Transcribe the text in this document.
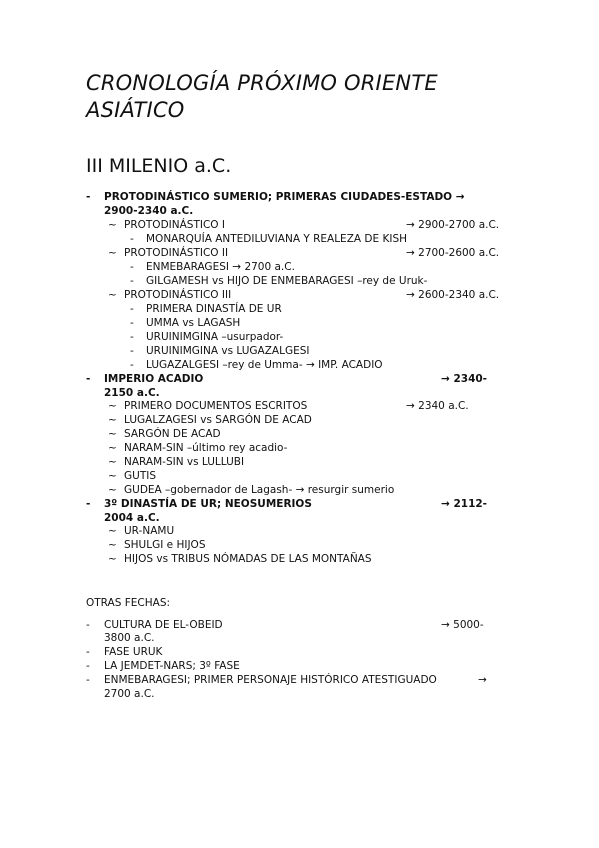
CRONOLOGÍA PRÓXIMO ORIENTE ASIÁTICO
III MILENIO a.C.
- PROTODINÁSTICO SUMERIO; PRIMERAS CIUDADES-ESTADO →
2900-2340 a.C.
~ PROTODINÁSTICO I	→ 2900-2700 a.C.
- MONARQUÍA ANTEDILUVIANA Y REALEZA DE KISH
~ PROTODINÁSTICO II	→ 2700-2600 a.C.
- ENMEBARAGESI → 2700 a.C.
- GILGAMESH vs HIJO DE ENMEBARAGESI –rey de Uruk-
~ PROTODINÁSTICO III	→ 2600-2340 a.C.
- PRIMERA DINASTÍA DE UR
- UMMA vs LAGASH
- URUINIMGINA –usurpador-
- URUINIMGINA vs LUGAZALGESI
- LUGAZALGESI –rey de Umma- → IMP. ACADIO
- IMPERIO ACADIO	→ 2340-
2150 a.C.
~ PRIMERO DOCUMENTOS ESCRITOS	→ 2340 a.C.
~ LUGALZAGESI vs SARGÓN DE ACAD
~ SARGÓN DE ACAD
~ NARAM-SIN –último rey acadio-
~ NARAM-SIN vs LULLUBI
~ GUTIS
~ GUDEA –gobernador de Lagash- → resurgir sumerio
- 3º DINASTÍA DE UR; NEOSUMERIOS	→ 2112-
2004 a.C.
~ UR-NAMU
~ SHULGI e HIJOS
~ HIJOS vs TRIBUS NÓMADAS DE LAS MONTAÑAS
OTRAS FECHAS:
- CULTURA DE EL-OBEID	→ 5000-
3800 a.C.
- FASE URUK
- LA JEMDET-NARS; 3º FASE
- ENMEBARAGESI; PRIMER PERSONAJE HISTÓRICO ATESTIGUADO	→
2700 a.C.
